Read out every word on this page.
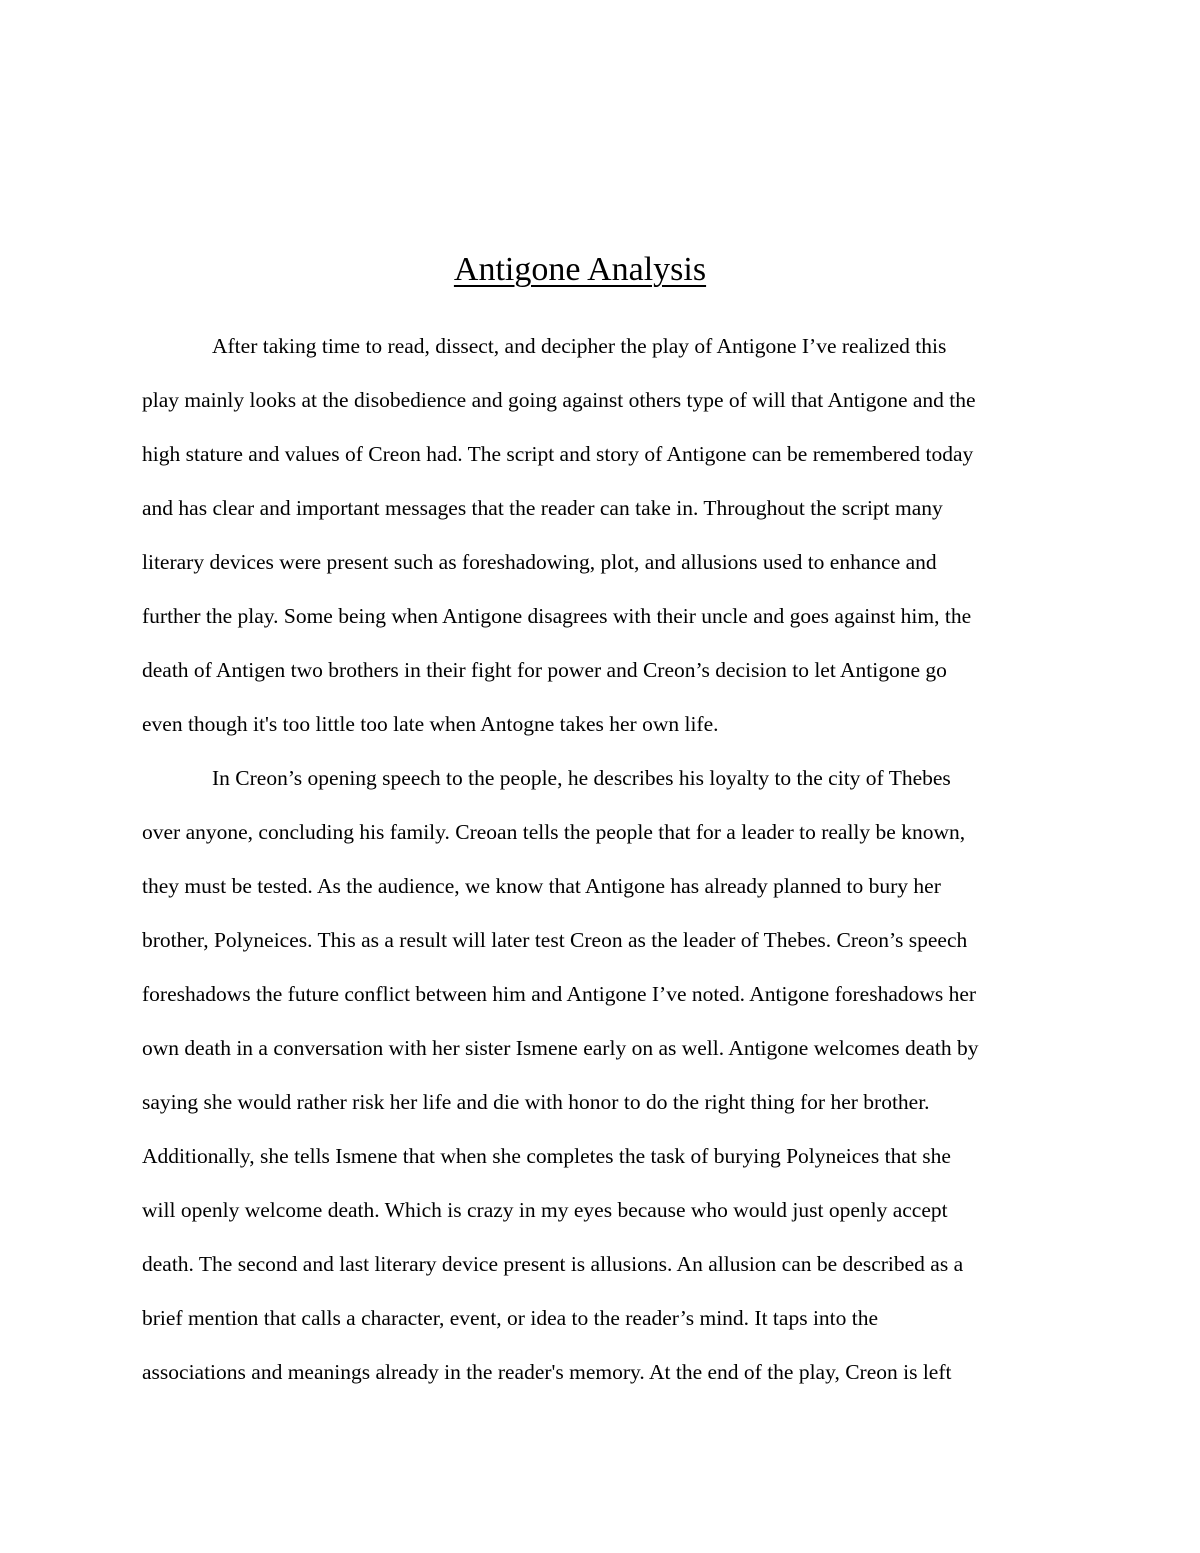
Antigone Analysis

After taking time to read, dissect, and decipher the play of Antigone I’ve realized this

play mainly looks at the disobedience and going against others type of will that Antigone and the

high stature and values of Creon had. The script and story of Antigone can be remembered today

and has clear and important messages that the reader can take in. Throughout the script many

literary devices were present such as foreshadowing, plot, and allusions used to enhance and

further the play. Some being when Antigone disagrees with their uncle and goes against him, the

death of Antigen two brothers in their fight for power and Creon’s decision to let Antigone go

even though it's too little too late when Antogne takes her own life.

In Creon’s opening speech to the people, he describes his loyalty to the city of Thebes

over anyone, concluding his family. Creoan tells the people that for a leader to really be known,

they must be tested. As the audience, we know that Antigone has already planned to bury her

brother, Polyneices. This as a result will later test Creon as the leader of Thebes. Creon’s speech

foreshadows the future conflict between him and Antigone I’ve noted. Antigone foreshadows her

own death in a conversation with her sister Ismene early on as well. Antigone welcomes death by

saying she would rather risk her life and die with honor to do the right thing for her brother.

Additionally, she tells Ismene that when she completes the task of burying Polyneices that she

will openly welcome death. Which is crazy in my eyes because who would just openly accept

death. The second and last literary device present is allusions. An allusion can be described as a

brief mention that calls a character, event, or idea to the reader’s mind. It taps into the

associations and meanings already in the reader's memory. At the end of the play, Creon is left
